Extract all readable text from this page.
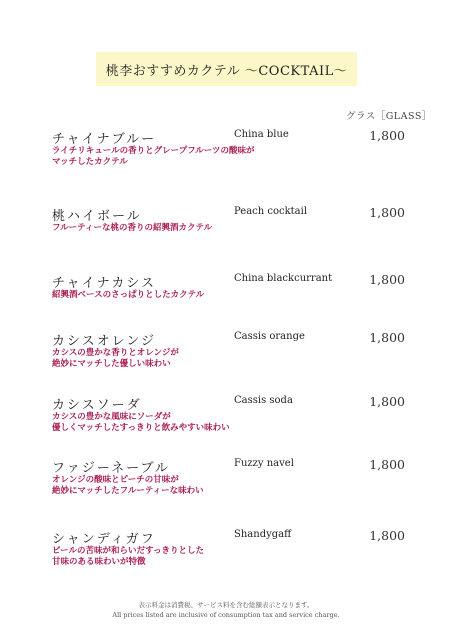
桃李おすすめカクテル 〜COCKTAIL〜
グラス［GLASS］
チャイナブルー	China blue	1,800
ライチリキュールの香りとグレープフルーツの酸味が
マッチしたカクテル
桃ハイボール	Peach cocktail	1,800
フルーティーな桃の香りの紹興酒カクテル
チャイナカシス	China blackcurrant	1,800
紹興酒ベースのさっぱりとしたカクテル
カシスオレンジ	Cassis orange	1,800
カシスの豊かな香りとオレンジが
絶妙にマッチした優しい味わい
カシスソーダ	Cassis soda	1,800
カシスの豊かな風味にソーダが
優しくマッチしたすっきりと飲みやすい味わい
ファジーネーブル	Fuzzy navel	1,800
オレンジの酸味とピーチの甘味が
絶妙にマッチしたフルーティーな味わい
シャンディガフ	Shandygaff	1,800
ビールの苦味が和らいだすっきりとした
甘味のある味わいが特徴
表示料金は消費税、サービス料を含む総額表示となります。
All prices listed are inclusive of consumption tax and service charge.
